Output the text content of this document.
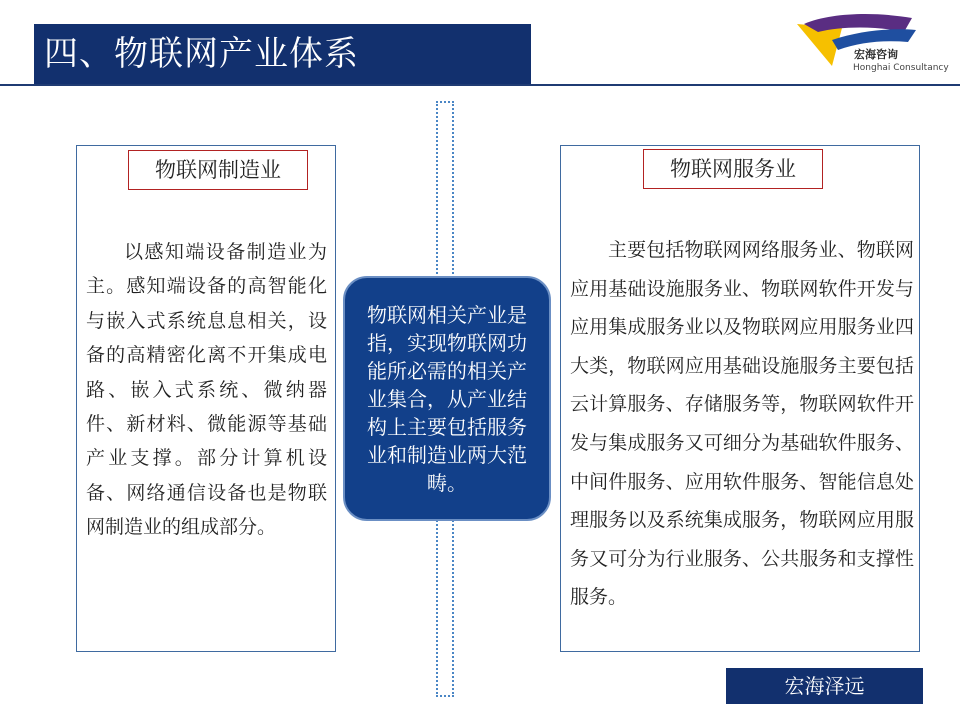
四、物联网产业体系	宏海咨询
Honghai Consultancy
物联网制造业

以感知端设备制造业为主。感知端设备的高智能化与嵌入式系统息息相关，设备的高精密化离不开集成电路、嵌入式系统、微纳器件、新材料、微能源等基础产业支撑。部分计算机设备、网络通信设备也是物联网制造业的组成部分。

物联网相关产业是指，实现物联网功能所必需的相关产业集合，从产业结构上主要包括服务业和制造业两大范畴。

物联网服务业

主要包括物联网网络服务业、物联网应用基础设施服务业、物联网软件开发与应用集成服务业以及物联网应用服务业四大类，物联网应用基础设施服务主要包括云计算服务、存储服务等，物联网软件开发与集成服务又可细分为基础软件服务、中间件服务、应用软件服务、智能信息处理服务以及系统集成服务，物联网应用服务又可分为行业服务、公共服务和支撑性服务。

宏海泽远
